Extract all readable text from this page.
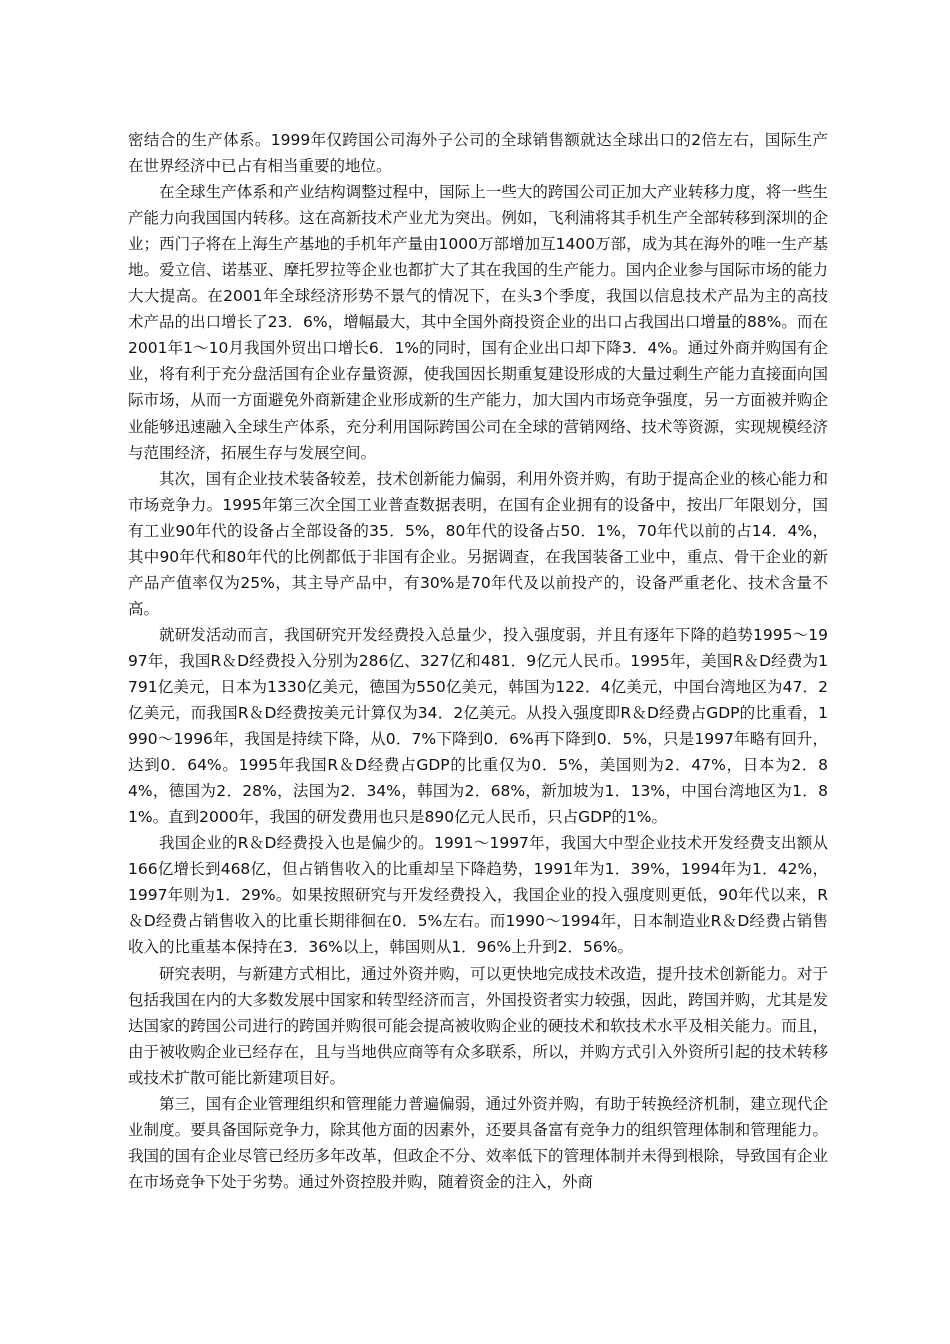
密结合的生产体系。1999年仅跨国公司海外子公司的全球销售额就达全球出口的2倍左右，国际生产在世界经济中已占有相当重要的地位。

在全球生产体系和产业结构调整过程中，国际上一些大的跨国公司正加大产业转移力度，将一些生产能力向我国国内转移。这在高新技术产业尤为突出。例如，飞利浦将其手机生产全部转移到深圳的企业；西门子将在上海生产基地的手机年产量由1000万部增加互1400万部，成为其在海外的唯一生产基地。爱立信、诺基亚、摩托罗拉等企业也都扩大了其在我国的生产能力。国内企业参与国际市场的能力大大提高。在2001年全球经济形势不景气的情况下，在头3个季度，我国以信息技术产品为主的高技术产品的出口增长了23．6%，增幅最大，其中全国外商投资企业的出口占我国出口增量的88%。而在2001年1～10月我国外贸出口增长6．1%的同时，国有企业出口却下降3．4%。通过外商并购国有企业，将有利于充分盘活国有企业存量资源，使我国因长期重复建设形成的大量过剩生产能力直接面向国际市场，从而一方面避免外商新建企业形成新的生产能力，加大国内市场竞争强度，另一方面被并购企业能够迅速融入全球生产体系，充分利用国际跨国公司在全球的营销网络、技术等资源，实现规模经济与范围经济，拓展生存与发展空间。

其次，国有企业技术装备较差，技术创新能力偏弱，利用外资并购，有助于提高企业的核心能力和市场竞争力。1995年第三次全国工业普查数据表明，在国有企业拥有的设备中，按出厂年限划分，国有工业90年代的设备占全部设备的35．5%，80年代的设备占50．1%，70年代以前的占14．4%，其中90年代和80年代的比例都低于非国有企业。另据调查，在我国装备工业中，重点、骨干企业的新产品产值率仅为25%，其主导产品中，有30%是70年代及以前投产的，设备严重老化、技术含量不高。

就研发活动而言，我国研究开发经费投入总量少，投入强度弱，并且有逐年下降的趋势1995～1997年，我国R＆D经费投入分别为286亿、327亿和481．9亿元人民币。1995年，美国R＆D经费为1791亿美元，日本为1330亿美元，德国为550亿美元，韩国为122．4亿美元，中国台湾地区为47．2亿美元，而我国R＆D经费按美元计算仅为34．2亿美元。从投入强度即R＆D经费占GDP的比重看，1990～1996年，我国是持续下降，从0．7%下降到0．6%再下降到0．5%，只是1997年略有回升，达到0．64%。1995年我国R＆D经费占GDP的比重仅为0．5%，美国则为2．47%，日本为2．84%，德国为2．28%，法国为2．34%，韩国为2．68%，新加坡为1．13%，中国台湾地区为1．81%。直到2000年，我国的研发费用也只是890亿元人民币，只占GDP的1%。

我国企业的R＆D经费投入也是偏少的。1991～1997年，我国大中型企业技术开发经费支出额从166亿增长到468亿，但占销售收入的比重却呈下降趋势，1991年为1．39%，1994年为1．42%，1997年则为1．29%。如果按照研究与开发经费投入，我国企业的投入强度则更低，90年代以来，R＆D经费占销售收入的比重长期徘徊在0．5%左右。而1990～1994年，日本制造业R＆D经费占销售收入的比重基本保持在3．36%以上，韩国则从1．96%上升到2．56%。

研究表明，与新建方式相比，通过外资并购，可以更快地完成技术改造，提升技术创新能力。对于包括我国在内的大多数发展中国家和转型经济而言，外国投资者实力较强，因此，跨国并购，尤其是发达国家的跨国公司进行的跨国并购很可能会提高被收购企业的硬技术和软技术水平及相关能力。而且，由于被收购企业已经存在，且与当地供应商等有众多联系，所以，并购方式引入外资所引起的技术转移或技术扩散可能比新建项目好。

第三，国有企业管理组织和管理能力普遍偏弱，通过外资并购，有助于转换经济机制，建立现代企业制度。要具备国际竞争力，除其他方面的因素外，还要具备富有竞争力的组织管理体制和管理能力。我国的国有企业尽管已经历多年改革，但政企不分、效率低下的管理体制并未得到根除，导致国有企业在市场竞争下处于劣势。通过外资控股并购，随着资金的注入，外商
